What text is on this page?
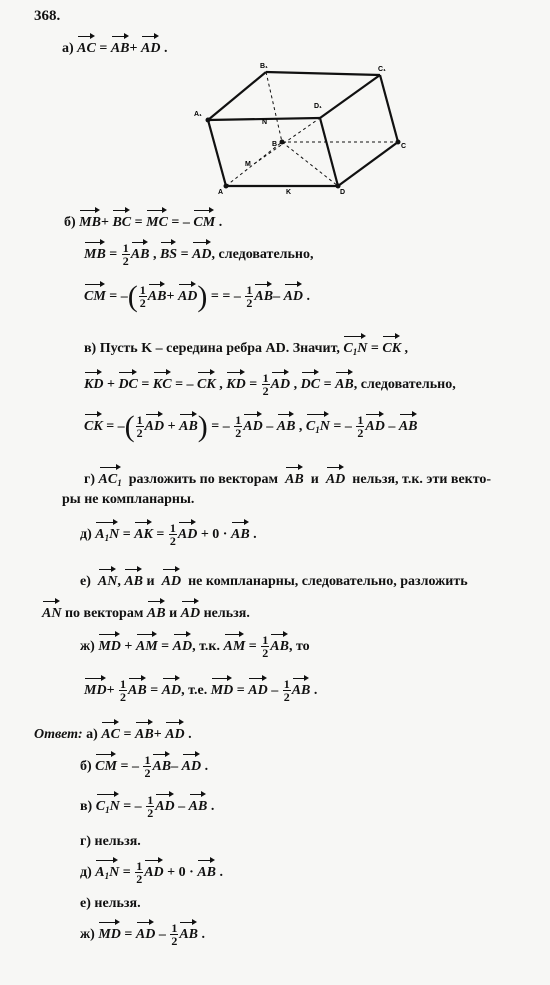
368.
а) AC = AB+ AD .
B₁	C₁
A₁
D₁
N
B	C
M
A	K	D
б) MB+ BC = MC = – CM .
MB = $\frac{1}{2}$ AB , BS = AD, следовательно,
CM = –( $\frac{1}{2} AB+ AD$) = = – $\frac{1}{2} AB-$ AD .
в) Пусть K – середина ребра AD. Значит, $C_1N$ = CK ,
KD + DC = KC = – CK , KD = $\frac{1}{2}$ AD , DC = AB, следовательно,
CK = –( $\frac{1}{2}$ AD + AB) = – $\frac{1}{2}$ AD – AB , $C_1N$ = – $\frac{1}{2}$ AD – AB
г) $AC_1$ разложить по векторам AB и AD нельзя, т.к. эти векто-
ры не компланарны.
д) $A_1N$ = AK = $\frac{1}{2}$ AD + 0 · AB .
е) AN, AB и AD не компланарны, следовательно, разложить
AN по векторам AB и AD нельзя.
ж) MD + AM = AD, т.к. AM = $\frac{1}{2}$ AB, то
$MD+ \frac{1}{2}$ AB = AD, т.е. MD = AD – $\frac{1}{2}$ AB .
Ответ: а) AC = AB+ AD .
б) CM = – $\frac{1}{2} AB-$ AD .
в) $C_1N$ = – $\frac{1}{2}$ AD – AB .
г) нельзя.
д) $A_1N = \frac{1}{2}$ AD + 0 · AB .
е) нельзя.
ж) MD = AD – $\frac{1}{2}$ AB .
